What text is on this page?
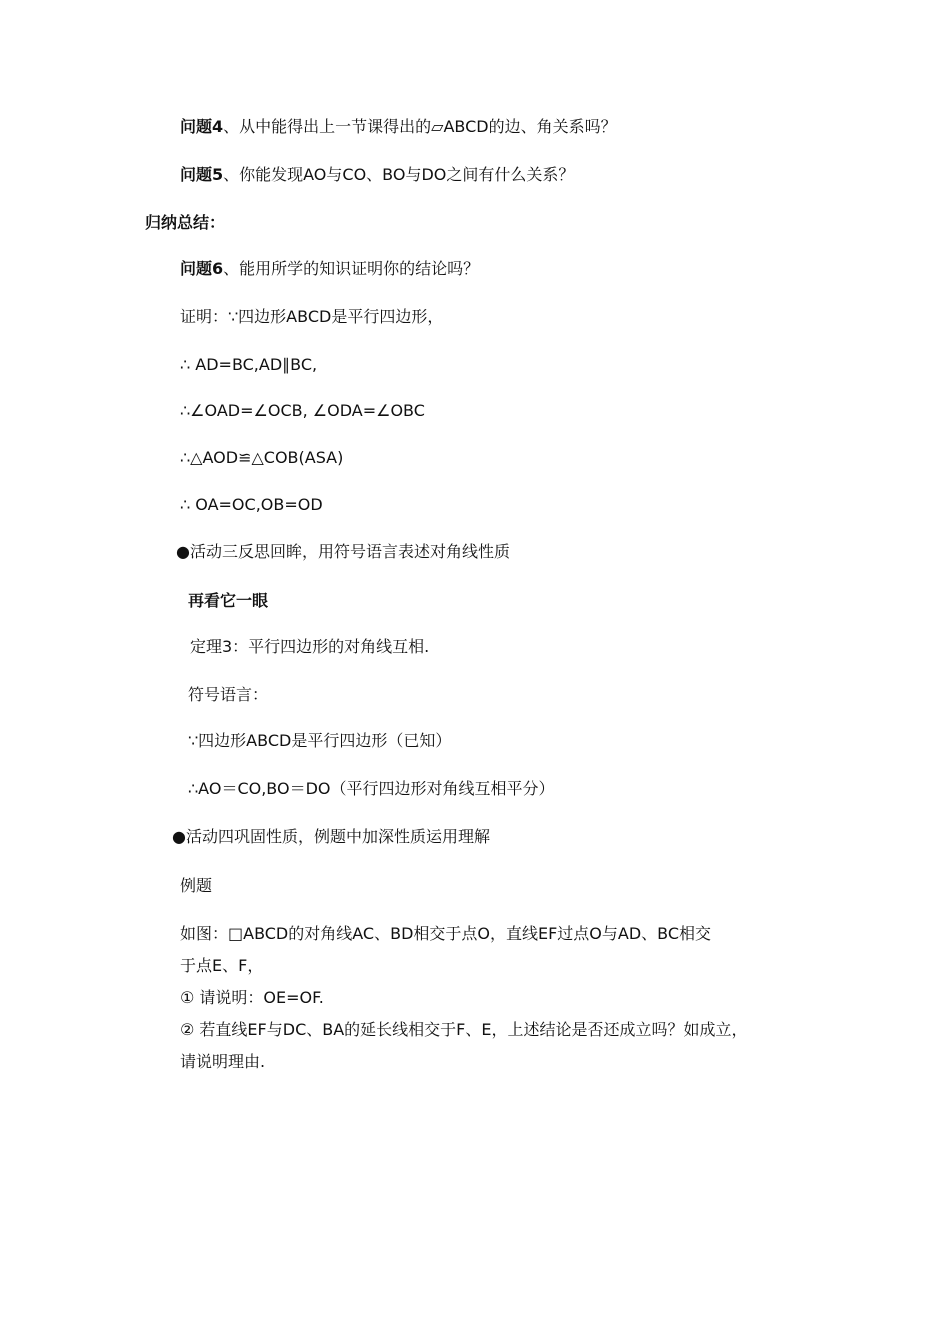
问题4、从中能得出上一节课得出的▱ABCD的边、角关系吗？
问题5、你能发现AO与CO、BO与DO之间有什么关系？
归纳总结：
问题6、能用所学的知识证明你的结论吗？
证明：∵四边形ABCD是平行四边形，
∴ AD=BC,AD∥BC,
∴∠OAD=∠OCB, ∠ODA=∠OBC
∴△AOD≌△COB(ASA)
∴ OA=OC,OB=OD
●活动三反思回眸，用符号语言表述对角线性质
再看它一眼
定理3：平行四边形的对角线互相.
符号语言：
∵四边形ABCD是平行四边形（已知）
∴AO＝CO,BO＝DO（平行四边形对角线互相平分）
●活动四巩固性质，例题中加深性质运用理解
例题
如图：□ABCD的对角线AC、BD相交于点O，直线EF过点O与AD、BC相交
于点E、F，
① 请说明：OE=OF.
② 若直线EF与DC、BA的延长线相交于F、E，上述结论是否还成立吗？如成立，
请说明理由.
